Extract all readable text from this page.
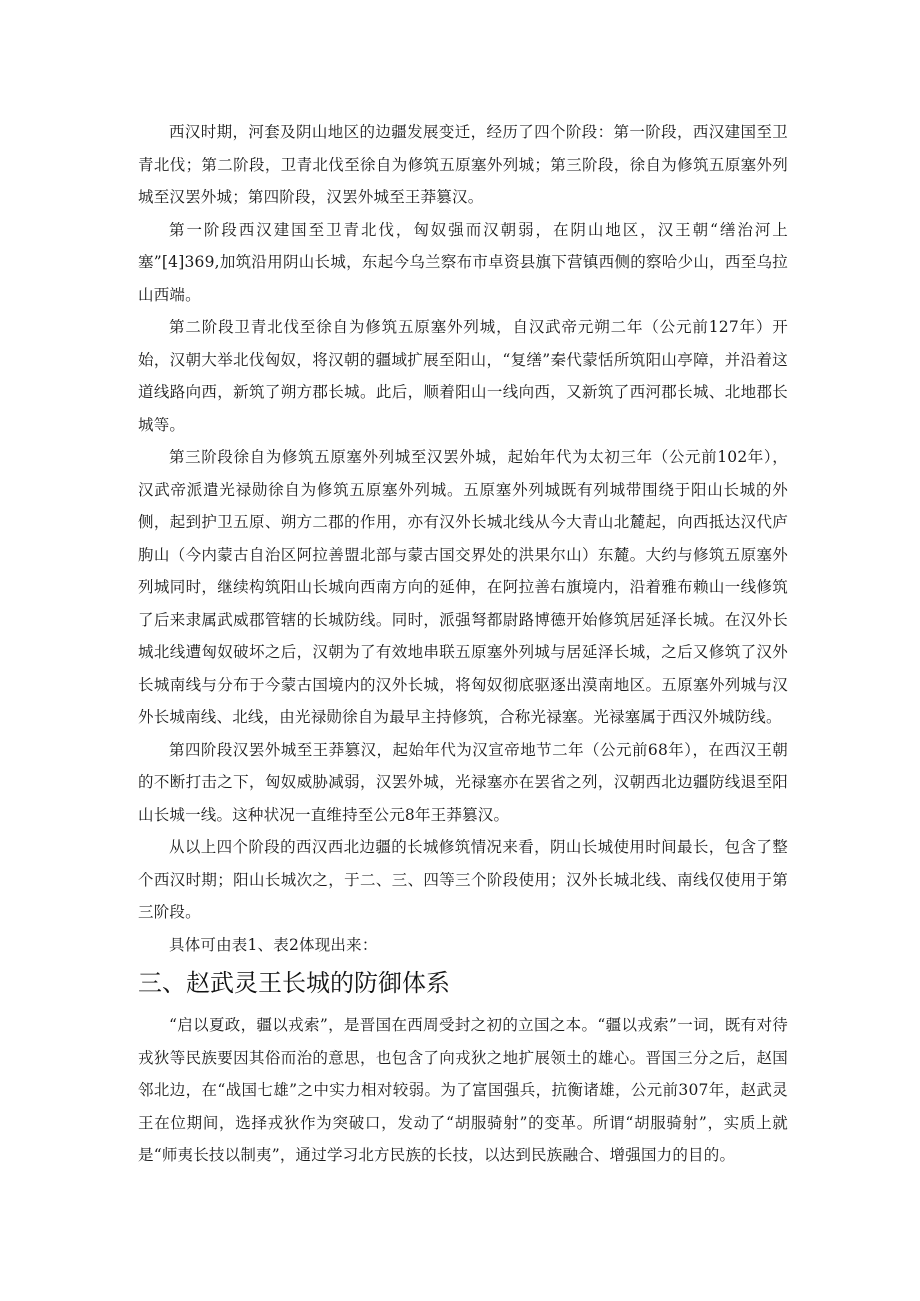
西汉时期，河套及阴山地区的边疆发展变迁，经历了四个阶段：第一阶段，西汉建国至卫青北伐；第二阶段，卫青北伐至徐自为修筑五原塞外列城；第三阶段，徐自为修筑五原塞外列城至汉罢外城；第四阶段，汉罢外城至王莽篡汉。

第一阶段西汉建国至卫青北伐，匈奴强而汉朝弱，在阴山地区，汉王朝“缮治河上塞”[4]369,加筑沿用阴山长城，东起今乌兰察布市卓资县旗下营镇西侧的察哈少山，西至乌拉山西端。

第二阶段卫青北伐至徐自为修筑五原塞外列城，自汉武帝元朔二年（公元前127年）开始，汉朝大举北伐匈奴，将汉朝的疆域扩展至阳山，“复缮”秦代蒙恬所筑阳山亭障，并沿着这道线路向西，新筑了朔方郡长城。此后，顺着阳山一线向西，又新筑了西河郡长城、北地郡长城等。

第三阶段徐自为修筑五原塞外列城至汉罢外城，起始年代为太初三年（公元前102年），汉武帝派遣光禄勋徐自为修筑五原塞外列城。五原塞外列城既有列城带围绕于阳山长城的外侧，起到护卫五原、朔方二郡的作用，亦有汉外长城北线从今大青山北麓起，向西抵达汉代庐朐山（今内蒙古自治区阿拉善盟北部与蒙古国交界处的洪果尔山）东麓。大约与修筑五原塞外列城同时，继续构筑阳山长城向西南方向的延伸，在阿拉善右旗境内，沿着雅布赖山一线修筑了后来隶属武威郡管辖的长城防线。同时，派强弩都尉路博德开始修筑居延泽长城。在汉外长城北线遭匈奴破坏之后，汉朝为了有效地串联五原塞外列城与居延泽长城，之后又修筑了汉外长城南线与分布于今蒙古国境内的汉外长城，将匈奴彻底驱逐出漠南地区。五原塞外列城与汉外长城南线、北线，由光禄勋徐自为最早主持修筑，合称光禄塞。光禄塞属于西汉外城防线。

第四阶段汉罢外城至王莽篡汉，起始年代为汉宣帝地节二年（公元前68年），在西汉王朝的不断打击之下，匈奴威胁减弱，汉罢外城，光禄塞亦在罢省之列，汉朝西北边疆防线退至阳山长城一线。这种状况一直维持至公元8年王莽篡汉。

从以上四个阶段的西汉西北边疆的长城修筑情况来看，阴山长城使用时间最长，包含了整个西汉时期；阳山长城次之，于二、三、四等三个阶段使用；汉外长城北线、南线仅使用于第三阶段。

具体可由表1、表2体现出来：

三、赵武灵王长城的防御体系

“启以夏政，疆以戎索”，是晋国在西周受封之初的立国之本。“疆以戎索”一词，既有对待戎狄等民族要因其俗而治的意思，也包含了向戎狄之地扩展领土的雄心。晋国三分之后，赵国邻北边，在“战国七雄”之中实力相对较弱。为了富国强兵，抗衡诸雄，公元前307年，赵武灵王在位期间，选择戎狄作为突破口，发动了“胡服骑射”的变革。所谓“胡服骑射”，实质上就是“师夷长技以制夷”，通过学习北方民族的长技，以达到民族融合、增强国力的目的。
